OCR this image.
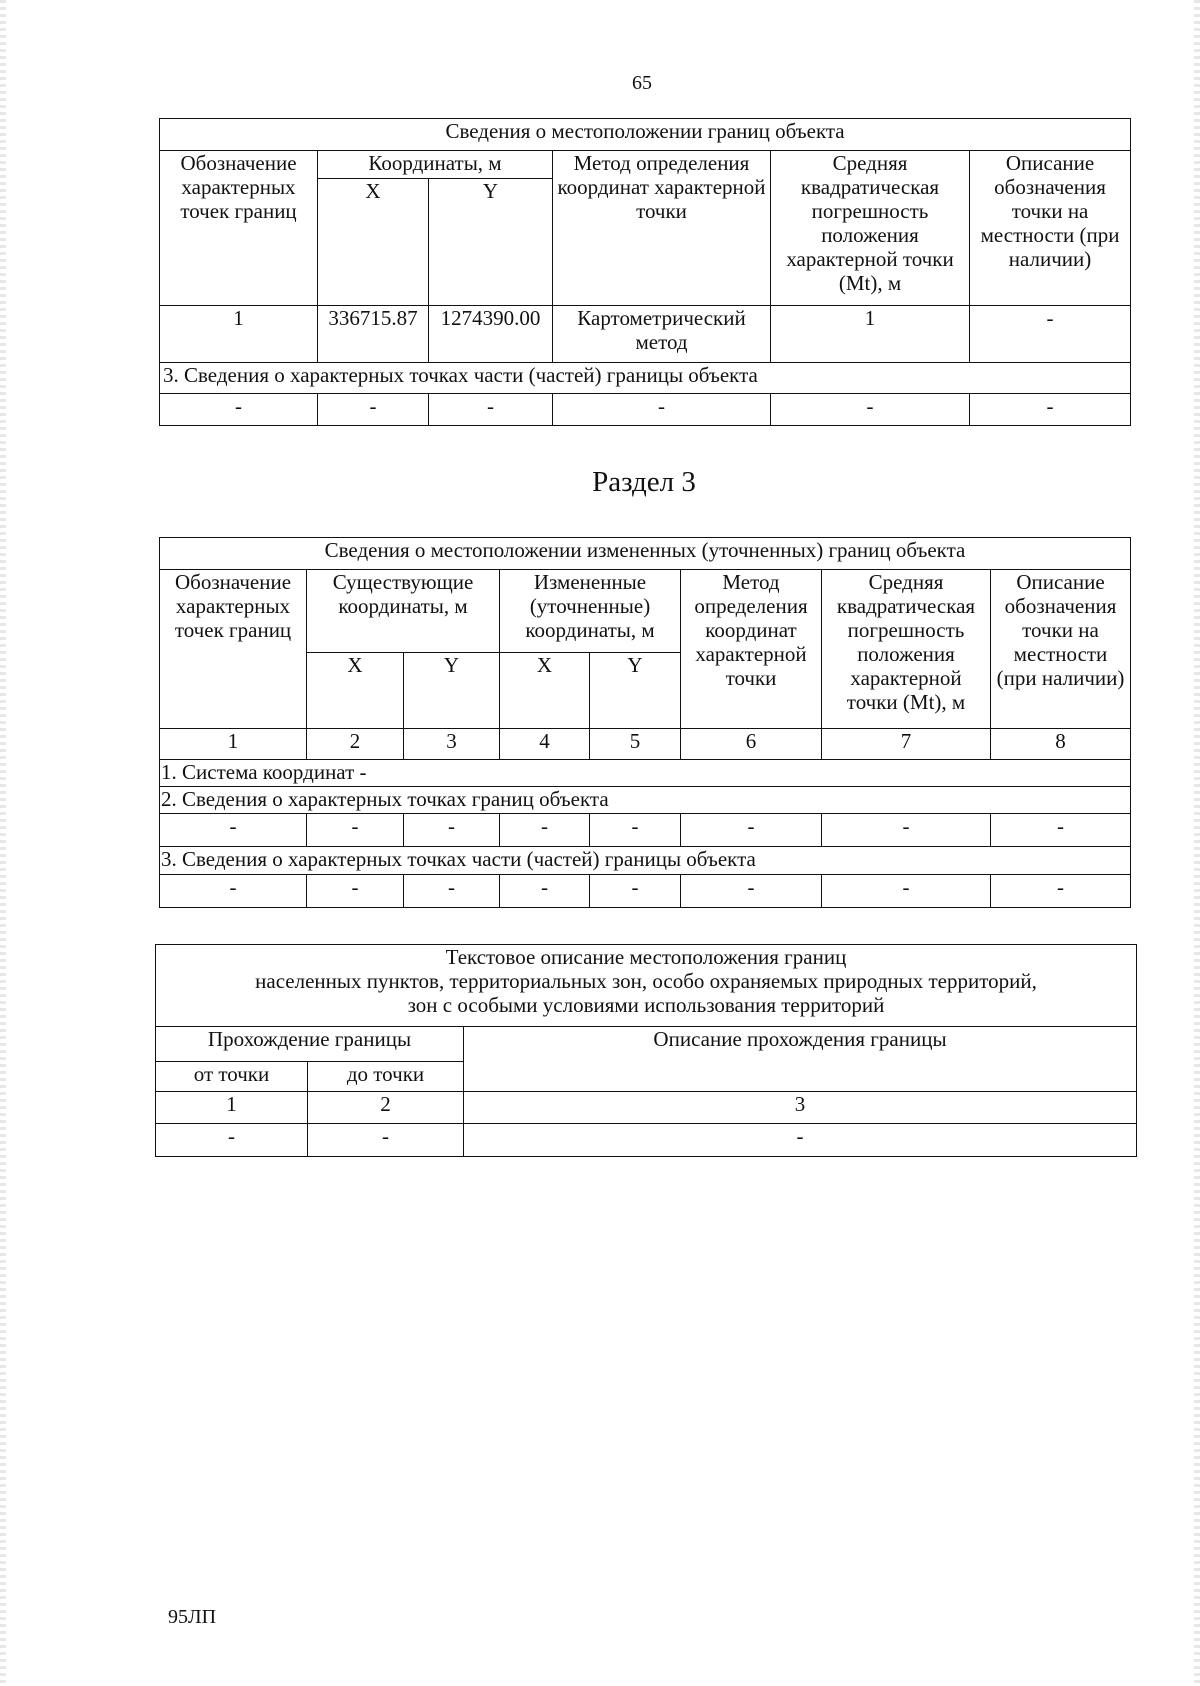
65
Сведения о местоположении границ объекта					
Обозначение характерных точек границ	Координаты, м		Метод определения координат характерной точки	Средняя квадратическая погрешность положения характерной точки (Mt), м	Описание обозначения точки на местности (при наличии)
	X	Y			
1	336715.87	1274390.00	Картометрический метод	1	-
3. Сведения о характерных точках части (частей) границы объекта					
-	-	-	-	-	-
Раздел 3
Сведения о местоположении измененных (уточненных) границ объекта							
Обозначение характерных точек границ	Существующие координаты, м		Измененные (уточненные) координаты, м		Метод определения координат характерной точки	Средняя квадратическая погрешность положения характерной точки (Mt), м	Описание обозначения точки на местности (при наличии)
	X	Y	X	Y			
1	2	3	4	5	6	7	8
1. Система координат -							
2. Сведения о характерных точках границ объекта							
-	-	-	-	-	-	-	-
3. Сведения о характерных точках части (частей) границы объекта							
-	-	-	-	-	-	-	-
Текстовое описание местоположения границ
населенных пунктов, территориальных зон, особо охраняемых природных территорий,
зон с особыми условиями использования территорий		

Прохождение границы		Описание прохождения границы
от точки	до точки	
1	2	3
-	-	-
95ЛП
